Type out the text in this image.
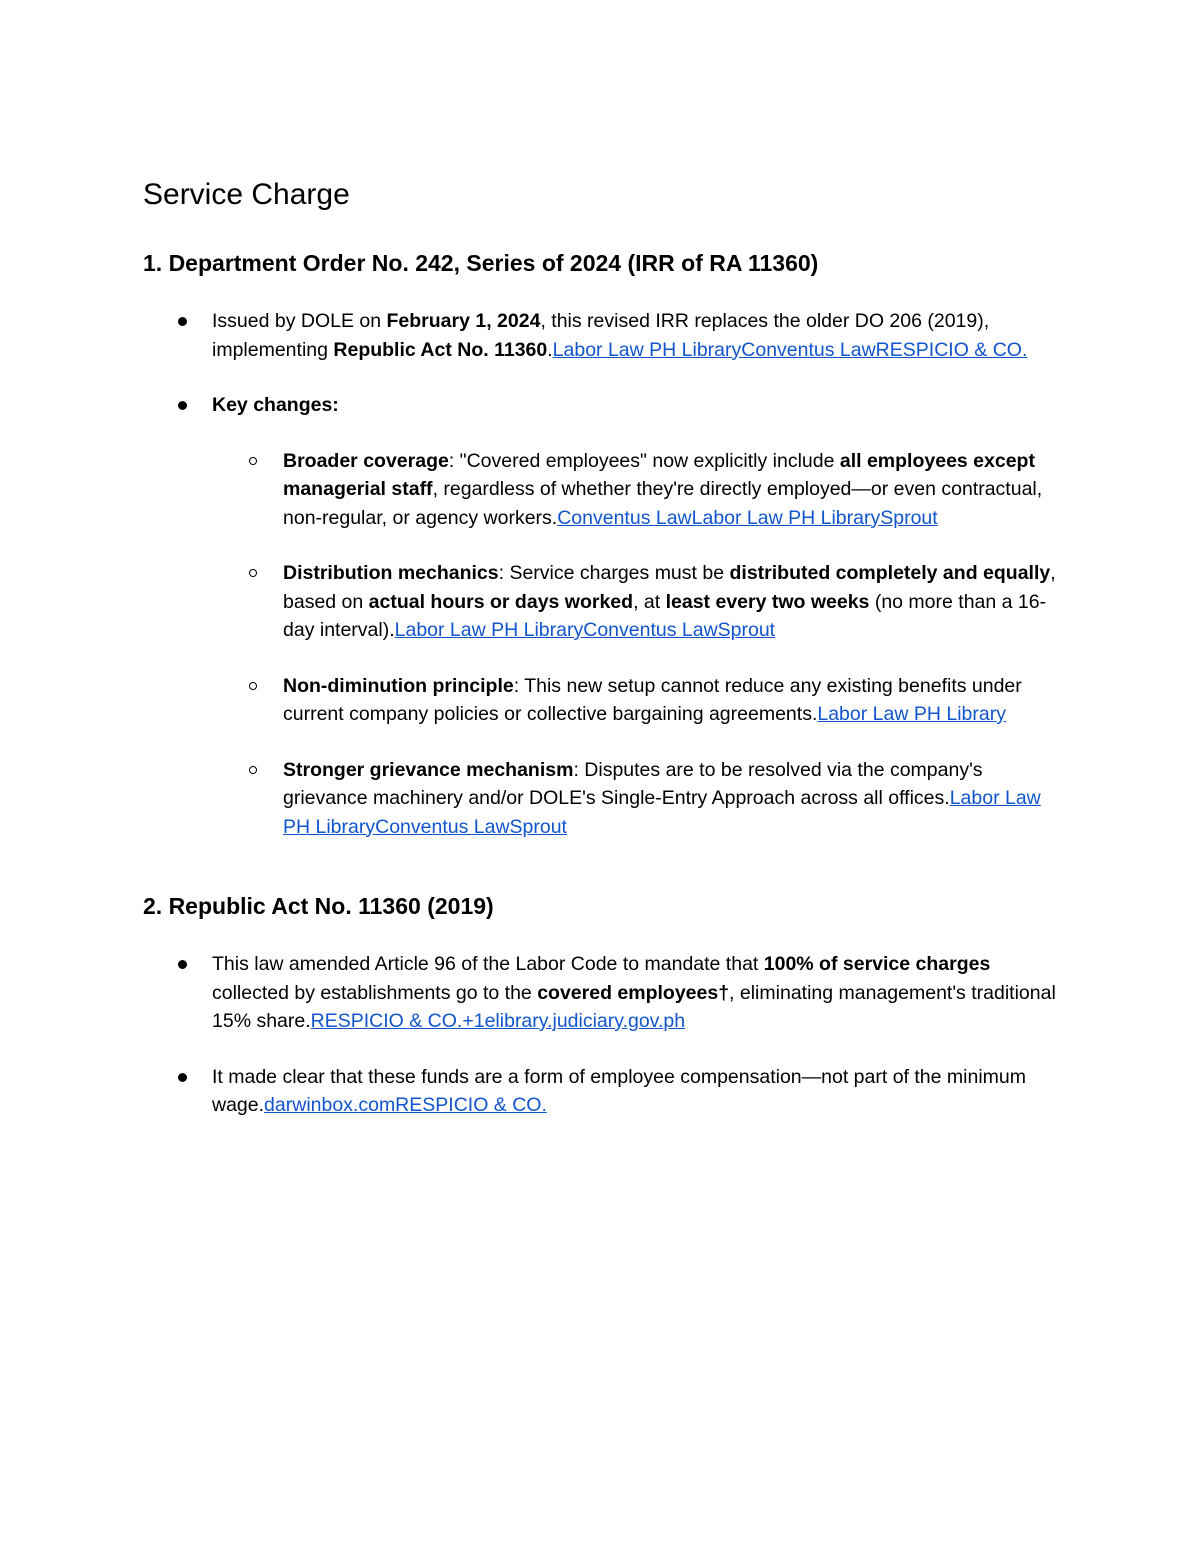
Service Charge
1. Department Order No. 242, Series of 2024 (IRR of RA 11360)
Issued by DOLE on February 1, 2024, this revised IRR replaces the older DO 206 (2019), implementing Republic Act No. 11360.Labor Law PH LibraryConventus LawRESPICIO & CO.
Key changes:
Broader coverage: "Covered employees" now explicitly include all employees except managerial staff, regardless of whether they're directly employed—or even contractual, non-regular, or agency workers.Conventus LawLabor Law PH LibrarySprout
Distribution mechanics: Service charges must be distributed completely and equally, based on actual hours or days worked, at least every two weeks (no more than a 16-day interval).Labor Law PH LibraryConventus LawSprout
Non-diminution principle: This new setup cannot reduce any existing benefits under current company policies or collective bargaining agreements.Labor Law PH Library
Stronger grievance mechanism: Disputes are to be resolved via the company's grievance machinery and/or DOLE's Single-Entry Approach across all offices.Labor Law PH LibraryConventus LawSprout
2. Republic Act No. 11360 (2019)
This law amended Article 96 of the Labor Code to mandate that 100% of service charges collected by establishments go to the covered employees†, eliminating management's traditional 15% share.RESPICIO & CO.+1elibrary.judiciary.gov.ph
It made clear that these funds are a form of employee compensation—not part of the minimum wage.darwinbox.comRESPICIO & CO.
